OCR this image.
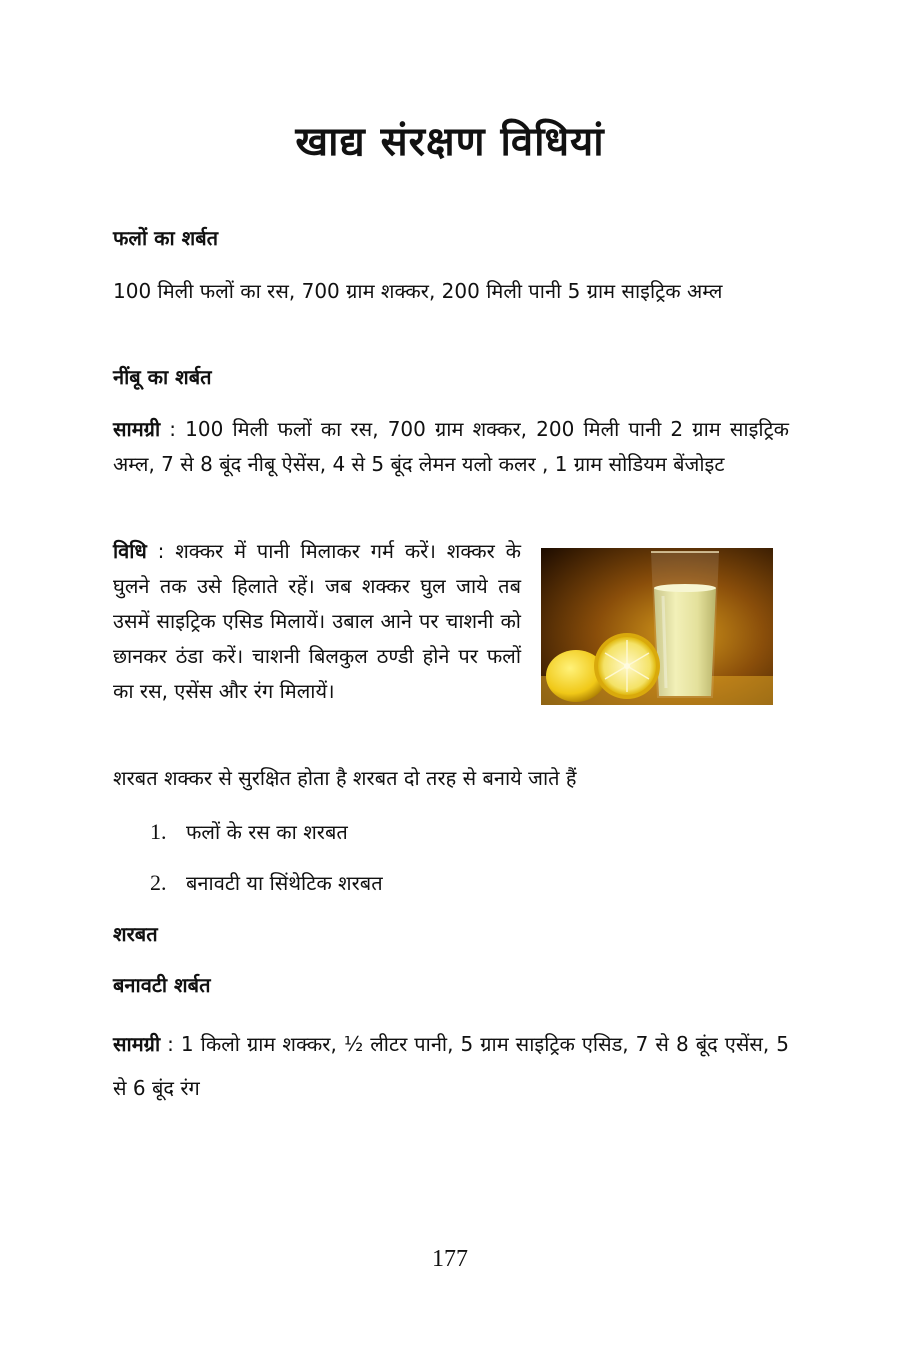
खाद्य संरक्षण विधियां
फलों का शर्बत

100 मिली फलों का रस, 700 ग्राम शक्कर, 200 मिली पानी 5 ग्राम साइट्रिक अम्ल

नींबू का शर्बत

सामग्री : 100 मिली फलों का रस, 700 ग्राम शक्कर, 200 मिली पानी 2 ग्राम साइट्रिक अम्ल, 7 से 8 बूंद नीबू ऐसेंस, 4 से 5 बूंद लेमन यलो कलर , 1 ग्राम सोडियम बेंजोइट

विधि : शक्कर में पानी मिलाकर गर्म करें। शक्कर के घुलने तक उसे हिलाते रहें। जब शक्कर घुल जाये तब उसमें साइट्रिक एसिड मिलायें। उबाल आने पर चाशनी को छानकर ठंडा करें। चाशनी बिलकुल ठण्डी होने पर फलों का रस, एसेंस और रंग मिलायें।

शरबत शक्कर से सुरक्षित होता है शरबत दो तरह से बनाये जाते हैं

1. फलों के रस का शरबत
2. बनावटी या सिंथेटिक शरबत
शरबत
बनावटी शर्बत

सामग्री : 1 किलो ग्राम शक्कर, ½ लीटर पानी, 5 ग्राम साइट्रिक एसिड, 7 से 8 बूंद एसेंस, 5 से 6 बूंद रंग

177
